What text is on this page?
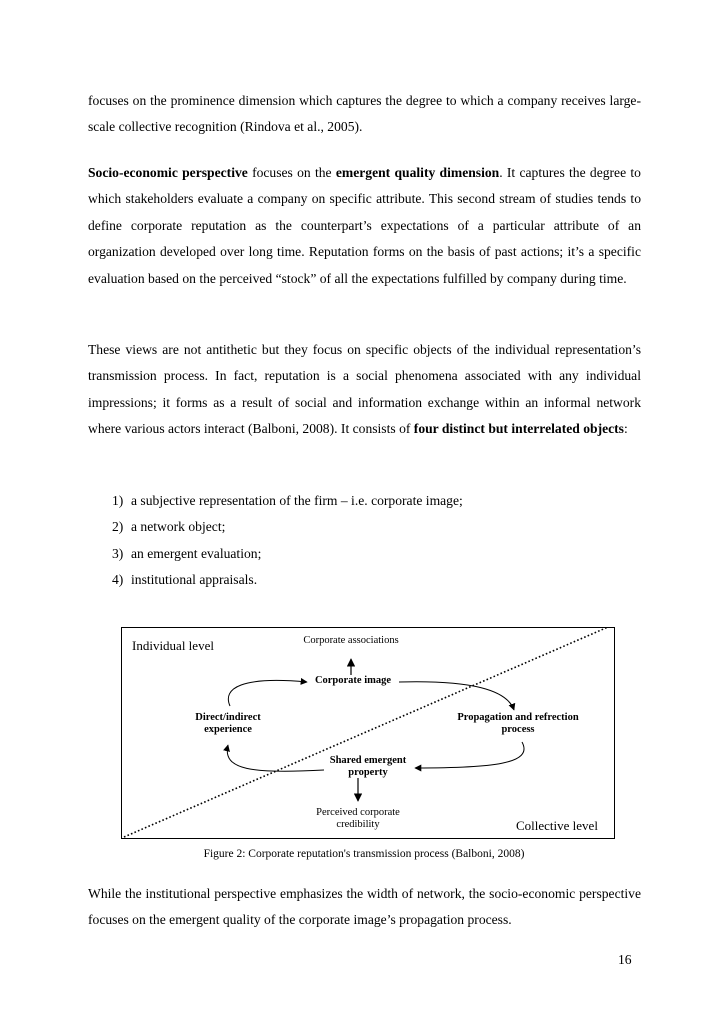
focuses on the prominence dimension which captures the degree to which a company receives large-scale collective recognition (Rindova et al., 2005).

Socio-economic perspective focuses on the emergent quality dimension. It captures the degree to which stakeholders evaluate a company on specific attribute. This second stream of studies tends to define corporate reputation as the counterpart’s expectations of a particular attribute of an organization developed over long time. Reputation forms on the basis of past actions; it’s a specific evaluation based on the perceived “stock” of all the expectations fulfilled by company during time.

These views are not antithetic but they focus on specific objects of the individual representation’s transmission process. In fact, reputation is a social phenomena associated with any individual impressions; it forms as a result of social and information exchange within an informal network where various actors interact (Balboni, 2008). It consists of four distinct but interrelated objects:

1) a subjective representation of the firm – i.e. corporate image;
2) a network object;
3) an emergent evaluation;
4) institutional appraisals.
Individual level
Collective level
Corporate associations
Corporate image
Direct/indirect
experience
Propagation and refrection
process
Shared emergent
property
Perceived corporate
credibility
Figure 2: Corporate reputation's transmission process (Balboni, 2008)

While the institutional perspective emphasizes the width of network, the socio-economic perspective focuses on the emergent quality of the corporate image’s propagation process.

16
